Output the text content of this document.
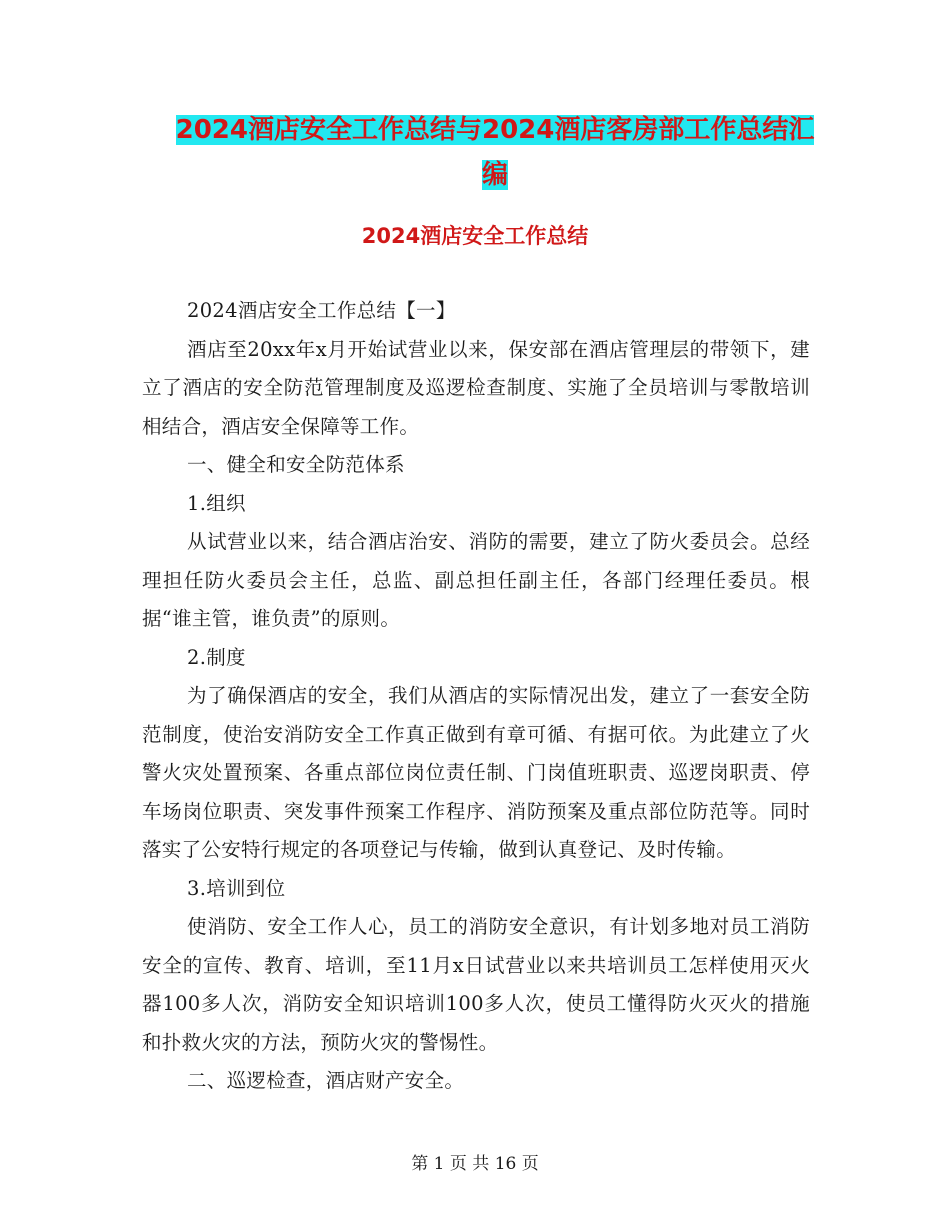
2024酒店安全工作总结与2024酒店客房部工作总结汇
编
2024酒店安全工作总结

2024酒店安全工作总结【一】

酒店至20xx年x月开始试营业以来，保安部在酒店管理层的带领下，建立了酒店的安全防范管理制度及巡逻检查制度、实施了全员培训与零散培训相结合，酒店安全保障等工作。

一、健全和安全防范体系

1.组织

从试营业以来，结合酒店治安、消防的需要，建立了防火委员会。总经理担任防火委员会主任，总监、副总担任副主任，各部门经理任委员。根据“谁主管，谁负责”的原则。

2.制度

为了确保酒店的安全，我们从酒店的实际情况出发，建立了一套安全防范制度，使治安消防安全工作真正做到有章可循、有据可依。为此建立了火警火灾处置预案、各重点部位岗位责任制、门岗值班职责、巡逻岗职责、停车场岗位职责、突发事件预案工作程序、消防预案及重点部位防范等。同时落实了公安特行规定的各项登记与传输，做到认真登记、及时传输。

3.培训到位

使消防、安全工作人心，员工的消防安全意识，有计划多地对员工消防安全的宣传、教育、培训，至11月x日试营业以来共培训员工怎样使用灭火器100多人次，消防安全知识培训100多人次，使员工懂得防火灭火的措施和扑救火灾的方法，预防火灾的警惕性。

二、巡逻检查，酒店财产安全。

第 1 页 共 16 页
